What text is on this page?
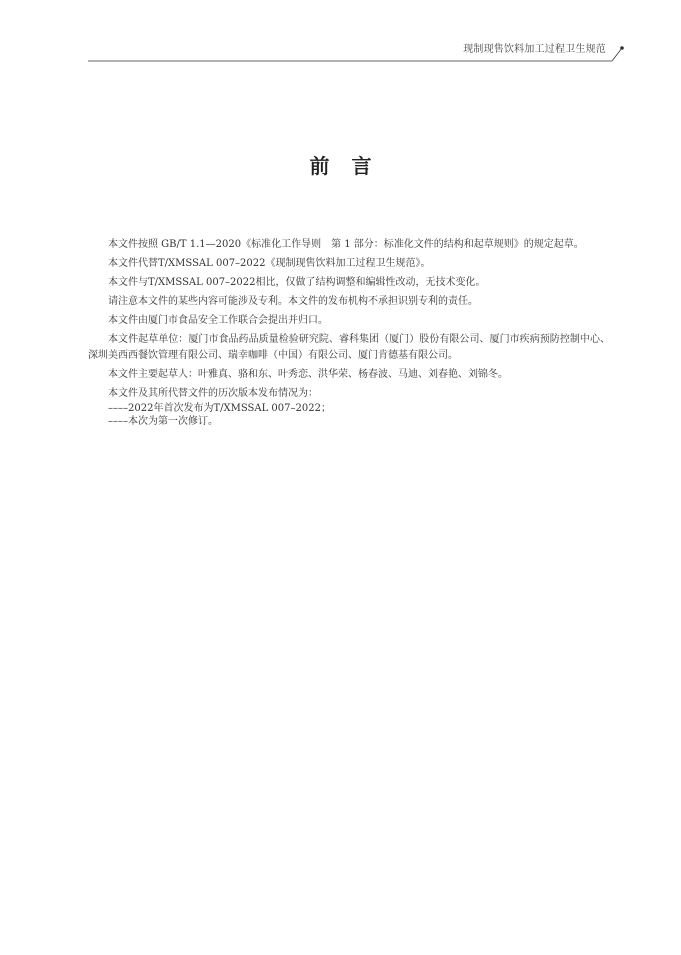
现制现售饮料加工过程卫生规范
前言

本文件按照 GB/T 1.1—2020《标准化工作导则　第 1 部分：标准化文件的结构和起草规则》的规定起草。

本文件代替T/XMSSAL 007–2022《现制现售饮料加工过程卫生规范》。

本文件与T/XMSSAL 007–2022相比，仅做了结构调整和编辑性改动，无技术变化。

请注意本文件的某些内容可能涉及专利。本文件的发布机构不承担识别专利的责任。

本文件由厦门市食品安全工作联合会提出并归口。

本文件起草单位：厦门市食品药品质量检验研究院、睿科集团（厦门）股份有限公司、厦门市疾病预防控制中心、深圳美西西餐饮管理有限公司、瑞幸咖啡（中国）有限公司、厦门肯德基有限公司。

本文件主要起草人：叶雅真、骆和东、叶秀恋、洪华荣、杨春波、马迪、刘春艳、刘锦冬。

本文件及其所代替文件的历次版本发布情况为：

––––2022年首次发布为T/XMSSAL 007–2022；
––––本次为第一次修订。
